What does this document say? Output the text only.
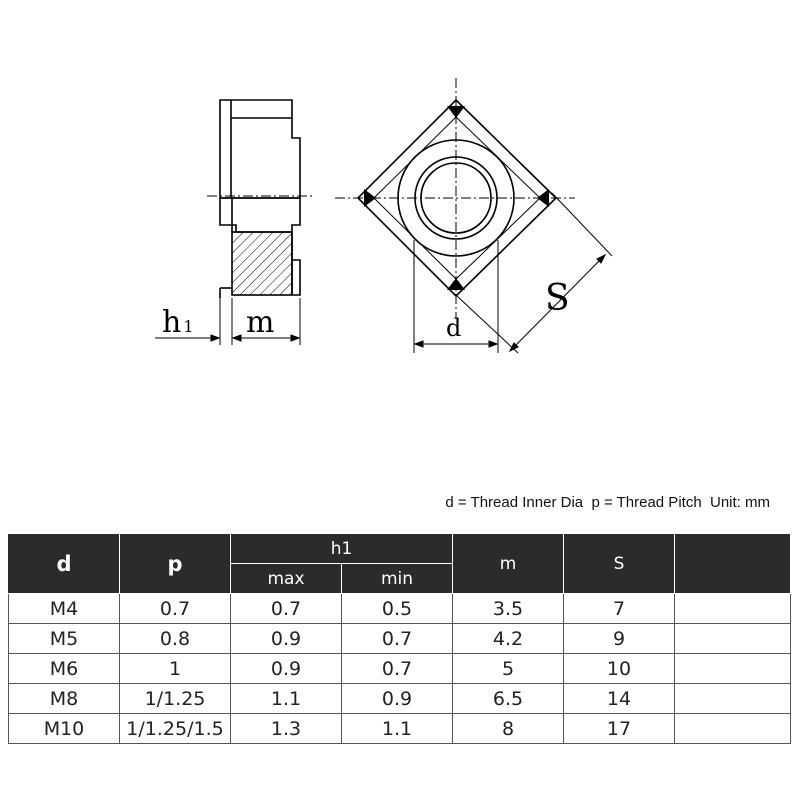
h 1 m	d
S
d = Thread Inner Dia  p = Thread Pitch  Unit: mm
d	p	h1		m	S	
		max	min			
M4	0.7	0.7	0.5	3.5	7	
M5	0.8	0.9	0.7	4.2	9	
M6	1	0.9	0.7	5	10	
M8	1/1.25	1.1	0.9	6.5	14	
M10	1/1.25/1.5	1.3	1.1	8	17	
